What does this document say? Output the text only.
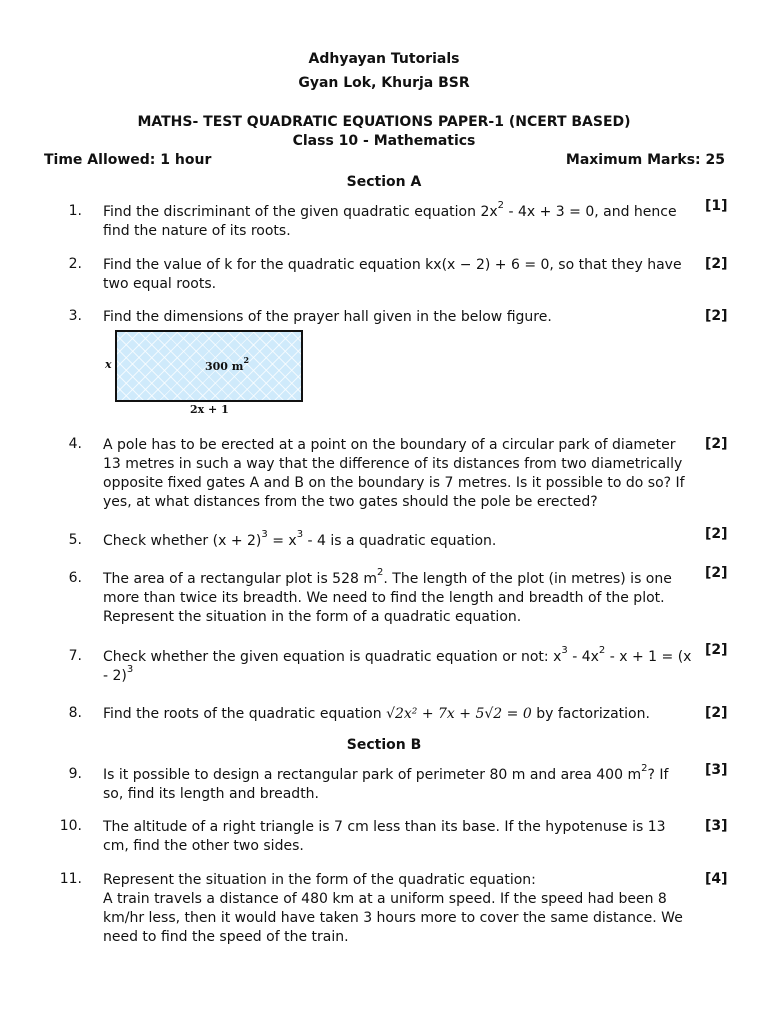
Adhyayan Tutorials
Gyan Lok, Khurja BSR
MATHS- TEST QUADRATIC EQUATIONS PAPER-1 (NCERT BASED)
Class 10 - Mathematics
Time Allowed: 1 hour	Maximum Marks: 25
Section A
1. Find the discriminant of the given quadratic equation $2x^2 - 4x + 3 = 0$, and hence find the nature of its roots.
[1]
2. Find the value of k for the quadratic equation kx(x − 2) + 6 = 0, so that they have two equal roots.
[2]
3. Find the dimensions of the prayer hall given in the below figure.	[2]
x	300 $m^2$
2x + 1
4. A pole has to be erected at a point on the boundary of a circular park of diameter 13 metres in such a way that the difference of its distances from two diametrically opposite fixed gates A and B on the boundary is 7 metres. Is it possible to do so? If yes, at what distances from the two gates should the pole be erected?
[2]
5. Check whether $(x + 2)^3 = x^3 - 4$ is a quadratic equation.	[2]
6. The area of a rectangular plot is 528 $m^2$. The length of the plot (in metres) is one more than twice its breadth. We need to find the length and breadth of the plot. Represent the situation in the form of a quadratic equation.
[2]
7. Check whether the given equation is quadratic equation or not: $x^3 - 4x^2 - x + 1 = (x - 2)^3$
[2]
8. Find the roots of the quadratic equation √2x² + 7x + 5√2 = 0 by factorization.	[2]
Section B
9. Is it possible to design a rectangular park of perimeter 80 m and area 400 $m^2$? If so, find its length and breadth.
[3]
10. The altitude of a right triangle is 7 cm less than its base. If the hypotenuse is 13 cm, find the other two sides.
[3]
11. Represent the situation in the form of the quadratic equation:
A train travels a distance of 480 km at a uniform speed. If the speed had been 8 km/hr less, then it would have taken 3 hours more to cover the same distance. We need to find the speed of the train.
[4]
